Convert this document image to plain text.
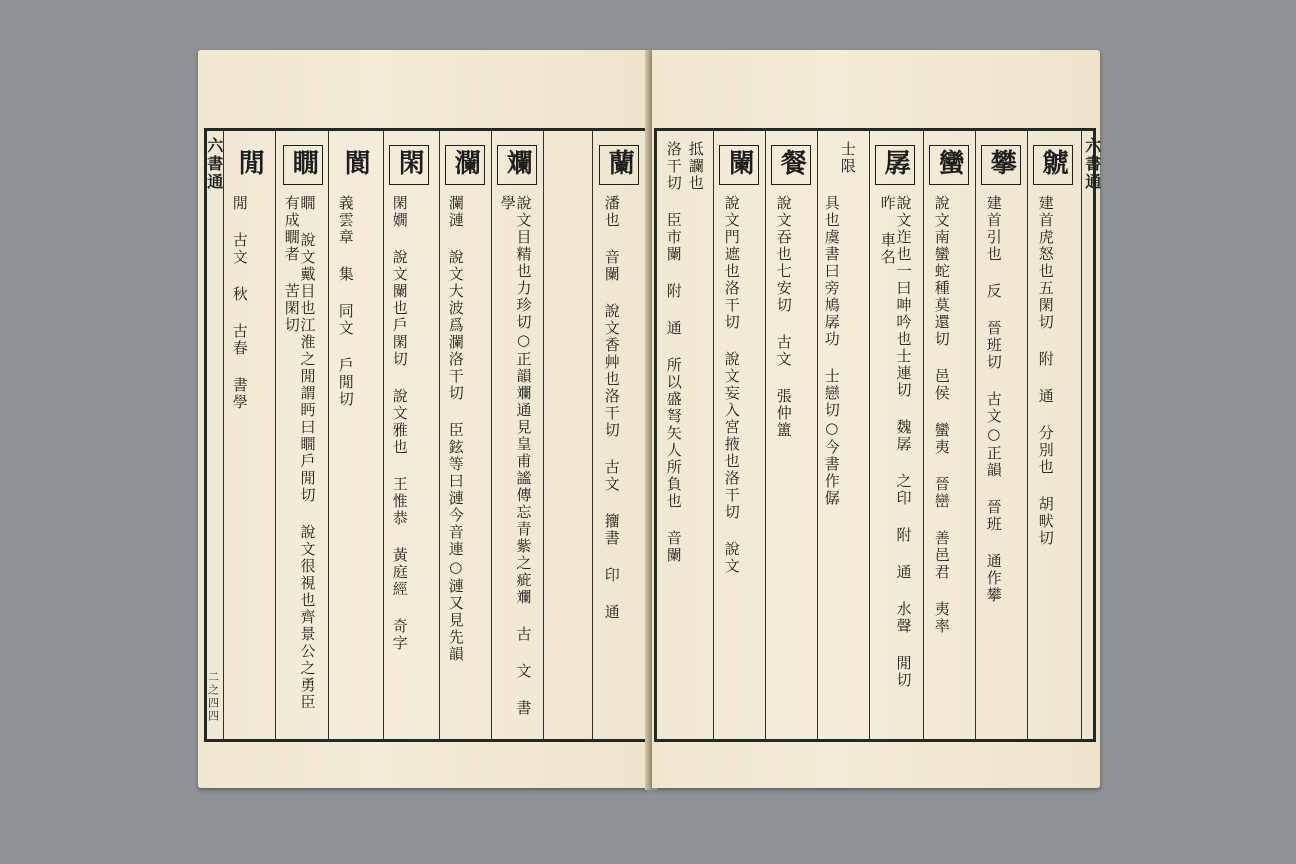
蘭
潘也 音闌 說文香艸也洛干切 古文 籒書 印 通
斕
說文目精也力珍切○正韻斕通見皇甫謐傳忘青紫之疵斕 古 文 書 學
瀾
瀾漣 說文大波爲瀾洛干切 臣鉉等曰漣今音連○漣又見先韻
閑
閑嫺 說文闌也戶閑切 說文雅也 王惟恭 黃庭經 奇字
閬
義雲章 集 同文 戶閒切
瞯
瞯 說文戴目也江淮之閒謂眄曰瞯戶閒切 說文很視也齊景公之勇臣有成瞯者 苦閑切
閒
閒 古文 秋 古春 書學
六書通
二之四四
虩
建首虎怒也五閑切 附 通 分別也 胡畎切
攀
建首引也 反 晉班切 古文○正韻 晉班 通作攀
蠻
說文南蠻蛇種莫還切 邑侯 蠻夷 晉巒 善邑君 夷率
孱
說文迮也一曰呻吟也士連切 魏孱 之印 附 通 水聲 閒切 昨 車名
士限
具也虞書曰旁鳩孱功 士戀切○今書作僝
餐
說文吞也七安切 古文 張仲簠
闌
說文門遮也洛干切 說文妄入宮掖也洛干切 說文
抵讕也
洛干切 臣市闌 附 通 所以盛弩矢人所負也 音闌	六書通
